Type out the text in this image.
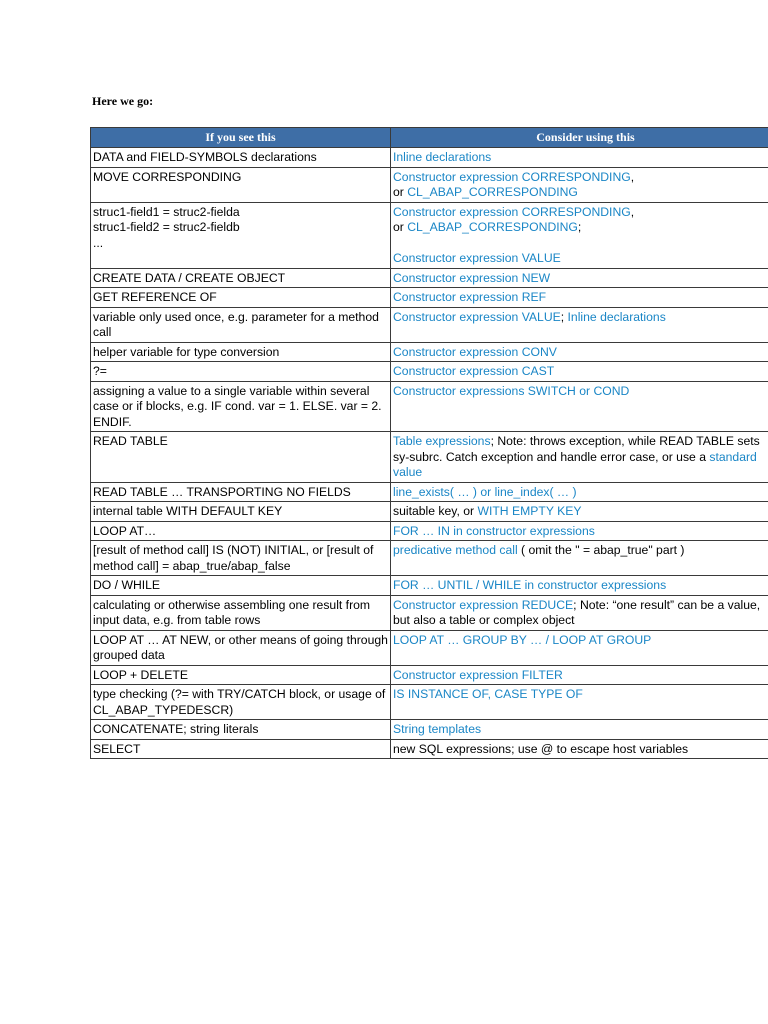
Here we go:
If you see this	Consider using this

DATA and FIELD-SYMBOLS declarations	Inline declarations

MOVE CORRESPONDING	Constructor expression CORRESPONDING,
or CL_ABAP_CORRESPONDING

struc1-field1 = struc2-fielda
struc1-field2 = struc2-fieldb
...	Constructor expression CORRESPONDING,
or CL_ABAP_CORRESPONDING;

Constructor expression VALUE

CREATE DATA / CREATE OBJECT	Constructor expression NEW

GET REFERENCE OF	Constructor expression REF

variable only used once, e.g. parameter for a method call	Constructor expression VALUE; Inline declarations

helper variable for type conversion	Constructor expression CONV

?=	Constructor expression CAST

assigning a value to a single variable within several case or if blocks, e.g. IF cond. var = 1. ELSE. var = 2. ENDIF.	Constructor expressions SWITCH or COND

READ TABLE	Table expressions; Note: throws exception, while READ TABLE sets sy-subrc. Catch exception and handle error case, or use a standard value

READ TABLE … TRANSPORTING NO FIELDS	line_exists( … ) or line_index( … )

internal table WITH DEFAULT KEY	suitable key, or WITH EMPTY KEY

LOOP AT…	FOR … IN in constructor expressions

[result of method call] IS (NOT) INITIAL, or [result of method call] = abap_true/abap_false	predicative method call ( omit the " = abap_true" part )

DO / WHILE	FOR … UNTIL / WHILE in constructor expressions

calculating or otherwise assembling one result from input data, e.g. from table rows	Constructor expression REDUCE; Note: “one result” can be a value, but also a table or complex object

LOOP AT … AT NEW, or other means of going through grouped data	LOOP AT … GROUP BY … / LOOP AT GROUP

LOOP + DELETE	Constructor expression FILTER

type checking (?= with TRY/CATCH block, or usage of CL_ABAP_TYPEDESCR)	IS INSTANCE OF, CASE TYPE OF

CONCATENATE; string literals	String templates

SELECT	new SQL expressions; use @ to escape host variables
